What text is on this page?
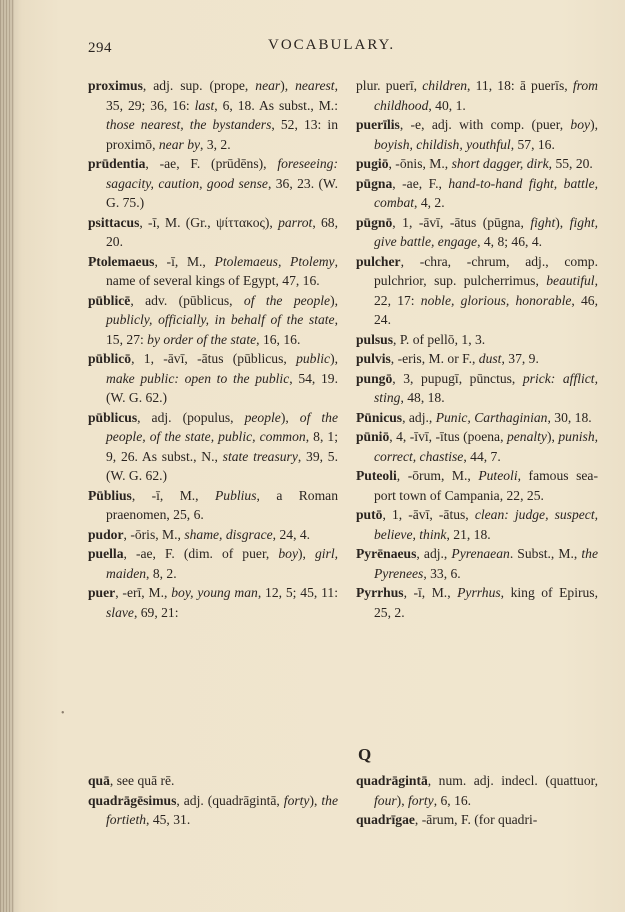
294	VOCABULARY.

proximus, adj. sup. (prope, near), nearest, 35, 29; 36, 16: last, 6, 18. As subst., M.: those nearest, the bystanders, 52, 13: in proximō, near by, 3, 2.

prūdentia, -ae, F. (prūdēns), foreseeing: sagacity, caution, good sense, 36, 23. (W. G. 75.)

psittacus, -ī, M. (Gr., ψίττακος), parrot, 68, 20.

Ptolemaeus, -ī, M., Ptolemaeus, Ptolemy, name of several kings of Egypt, 47, 16.

pūblicē, adv. (pūblicus, of the people), publicly, officially, in behalf of the state, 15, 27: by order of the state, 16, 16.

pūblicō, 1, -āvī, -ātus (pūblicus, public), make public: open to the public, 54, 19. (W. G. 62.)

pūblicus, adj. (populus, people), of the people, of the state, public, common, 8, 1; 9, 26. As subst., N., state treasury, 39, 5. (W. G. 62.)

Pūblius, -ī, M., Publius, a Roman praenomen, 25, 6.

pudor, -ōris, M., shame, disgrace, 24, 4.

puella, -ae, F. (dim. of puer, boy), girl, maiden, 8, 2.

puer, -erī, M., boy, young man, 12, 5; 45, 11: slave, 69, 21:

plur. puerī, children, 11, 18: ā puerīs, from childhood, 40, 1.

puerīlis, -e, adj. with comp. (puer, boy), boyish, childish, youthful, 57, 16.

pugiō, -ōnis, M., short dagger, dirk, 55, 20.

pūgna, -ae, F., hand-to-hand fight, battle, combat, 4, 2.

pūgnō, 1, -āvī, -ātus (pūgna, fight), fight, give battle, engage, 4, 8; 46, 4.

pulcher, -chra, -chrum, adj., comp. pulchrior, sup. pulcherrimus, beautiful, 22, 17: noble, glorious, honorable, 46, 24.

pulsus, P. of pellō, 1, 3.

pulvis, -eris, M. or F., dust, 37, 9.

pungō, 3, pupugī, pūnctus, prick: afflict, sting, 48, 18.

Pūnicus, adj., Punic, Carthaginian, 30, 18.

pūniō, 4, -īvī, -ītus (poena, penalty), punish, correct, chastise, 44, 7.

Puteoli, -ōrum, M., Puteoli, famous sea-port town of Campania, 22, 25.

putō, 1, -āvī, -ātus, clean: judge, suspect, believe, think, 21, 18.

Pyrēnaeus, adj., Pyrenaean. Subst., M., the Pyrenees, 33, 6.

Pyrrhus, -ī, M., Pyrrhus, king of Epirus, 25, 2.

•
Q

quā, see quā rē.

quadrāgēsimus, adj. (quadrāgintā, forty), the fortieth, 45, 31.

quadrāgintā, num. adj. indecl. (quattuor, four), forty, 6, 16.

quadrīgae, -ārum, F. (for quadri-
